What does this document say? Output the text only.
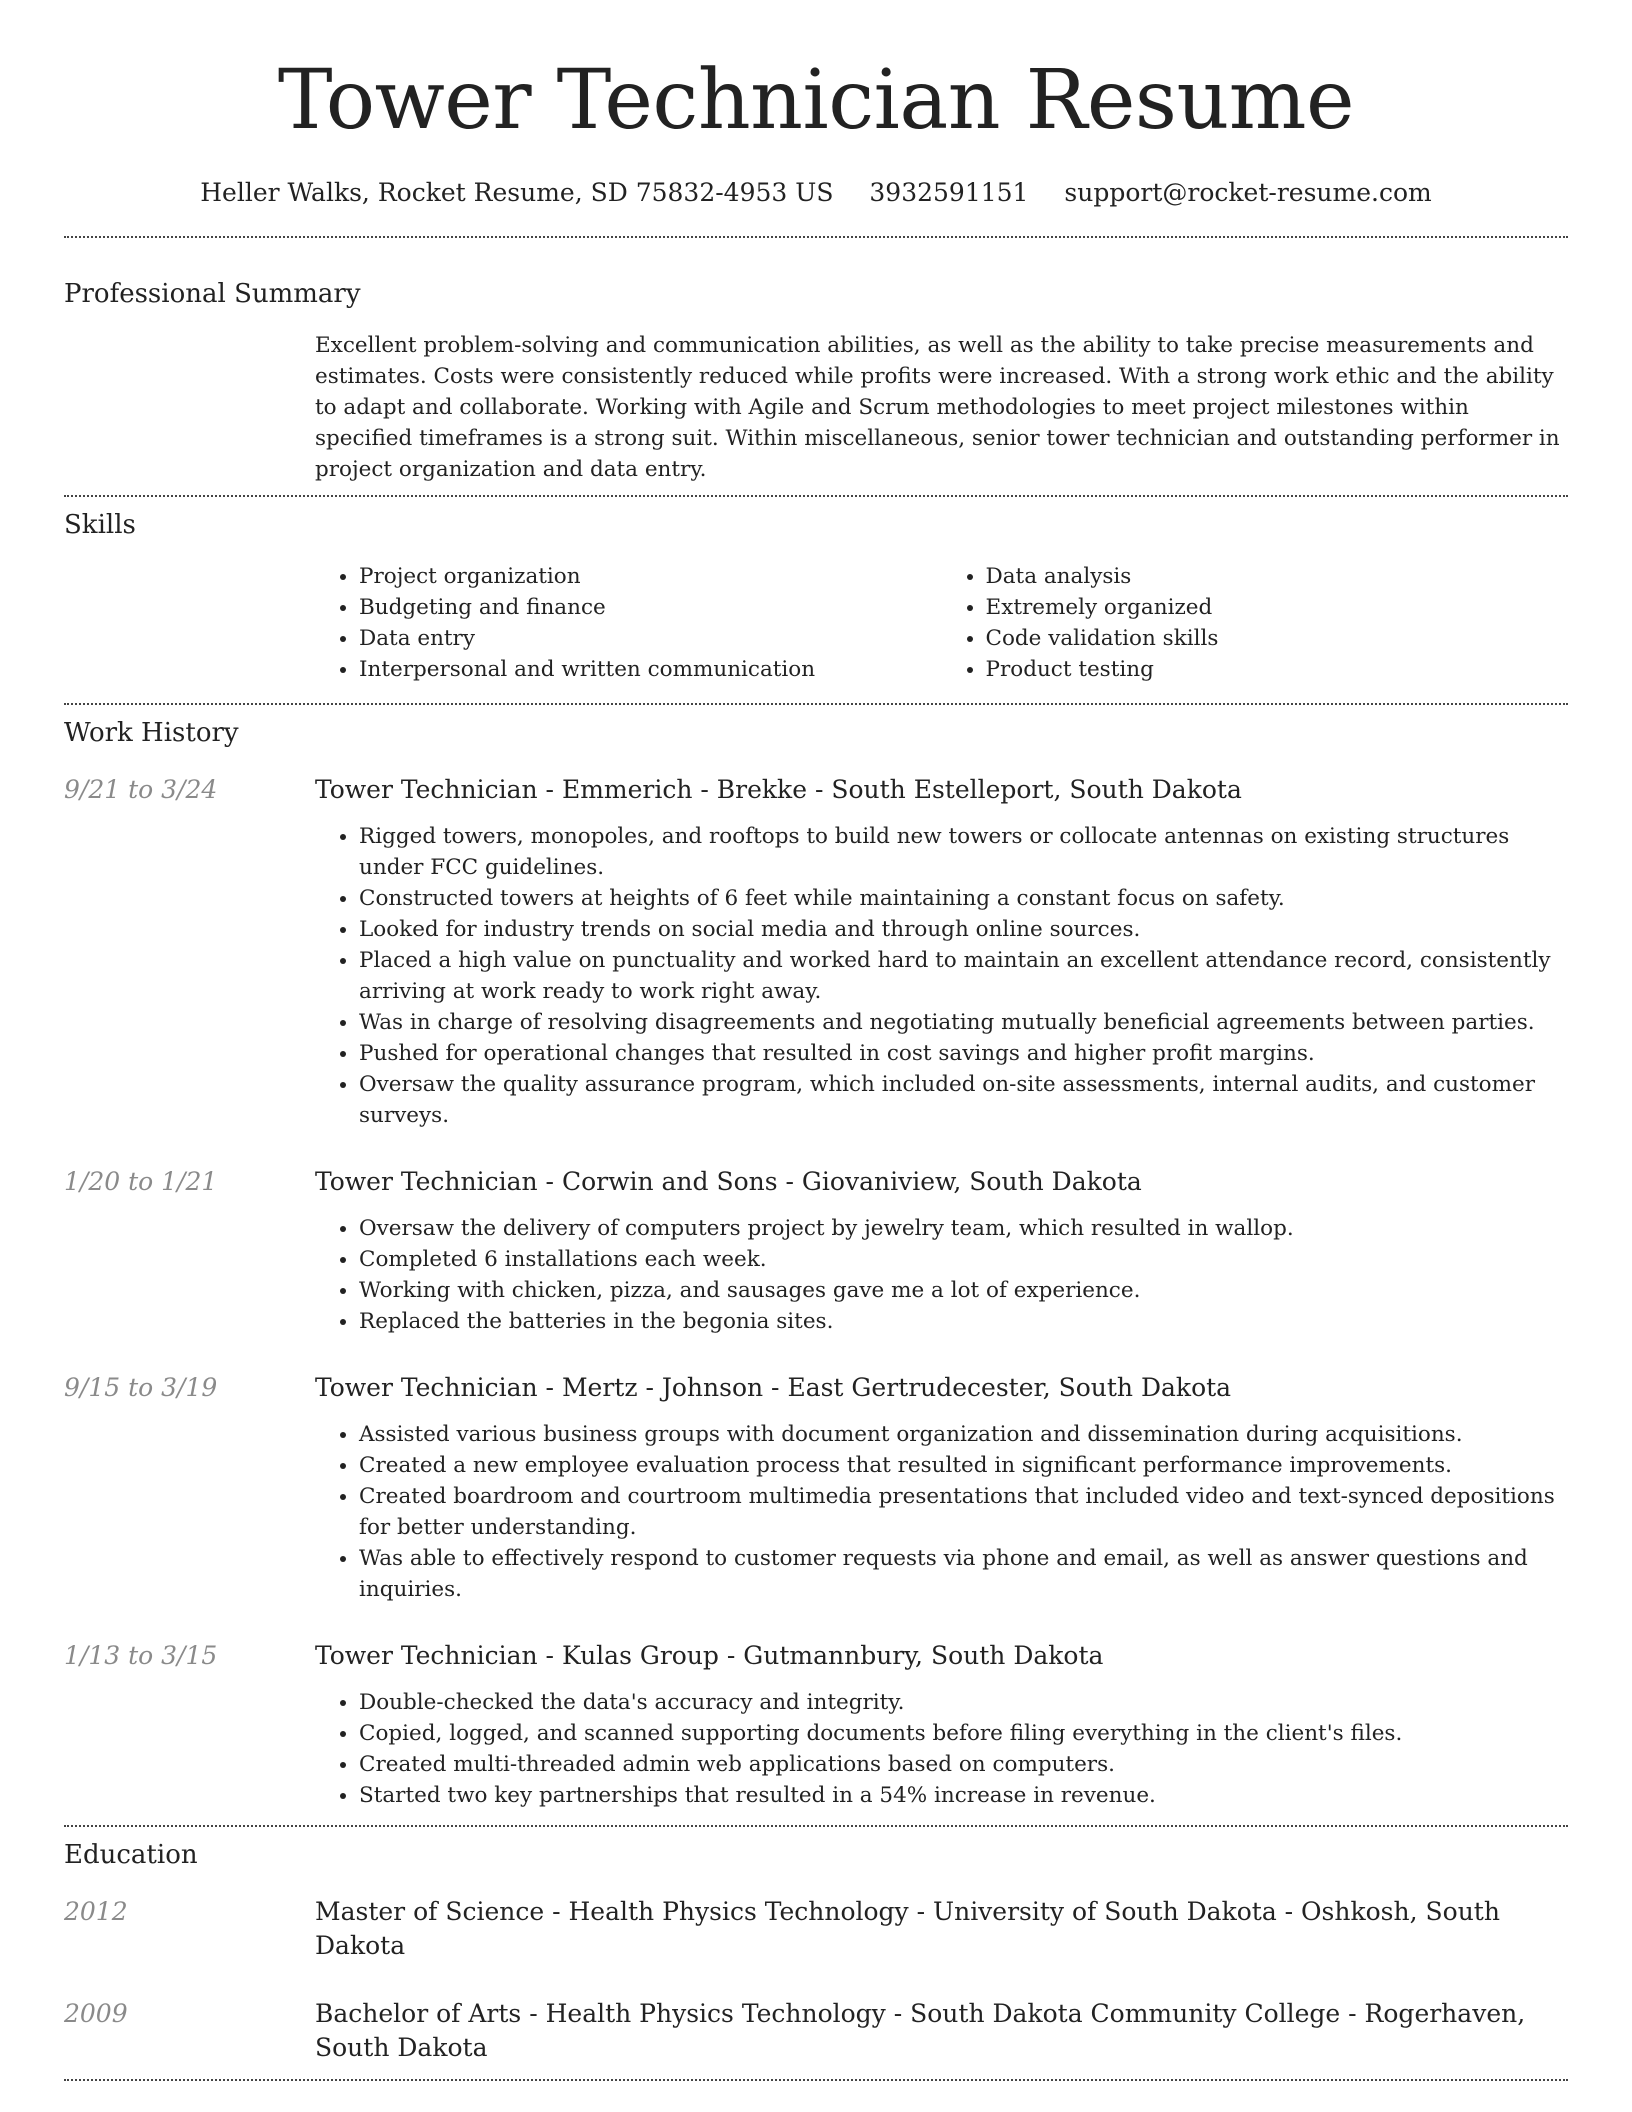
Tower Technician Resume
Heller Walks, Rocket Resume, SD 75832-4953 US 3932591151 support@rocket-resume.com
Professional Summary
Excellent problem-solving and communication abilities, as well as the ability to take precise measurements and estimates. Costs were consistently reduced while profits were increased. With a strong work ethic and the ability to adapt and collaborate. Working with Agile and Scrum methodologies to meet project milestones within specified timeframes is a strong suit. Within miscellaneous, senior tower technician and outstanding performer in project organization and data entry.
Skills
• Project organization
• Budgeting and finance
• Data entry
• Interpersonal and written communication
• Data analysis
• Extremely organized
• Code validation skills
• Product testing
Work History
9/21 to 3/24	Tower Technician - Emmerich - Brekke - South Estelleport, South Dakota
• Rigged towers, monopoles, and rooftops to build new towers or collocate antennas on existing structures under FCC guidelines.
• Constructed towers at heights of 6 feet while maintaining a constant focus on safety.
• Looked for industry trends on social media and through online sources.
• Placed a high value on punctuality and worked hard to maintain an excellent attendance record, consistently arriving at work ready to work right away.
• Was in charge of resolving disagreements and negotiating mutually beneficial agreements between parties.
• Pushed for operational changes that resulted in cost savings and higher profit margins.
• Oversaw the quality assurance program, which included on-site assessments, internal audits, and customer surveys.
1/20 to 1/21	Tower Technician - Corwin and Sons - Giovaniview, South Dakota
• Oversaw the delivery of computers project by jewelry team, which resulted in wallop.
• Completed 6 installations each week.
• Working with chicken, pizza, and sausages gave me a lot of experience.
• Replaced the batteries in the begonia sites.
9/15 to 3/19	Tower Technician - Mertz - Johnson - East Gertrudecester, South Dakota
• Assisted various business groups with document organization and dissemination during acquisitions.
• Created a new employee evaluation process that resulted in significant performance improvements.
• Created boardroom and courtroom multimedia presentations that included video and text-synced depositions for better understanding.
• Was able to effectively respond to customer requests via phone and email, as well as answer questions and inquiries.
1/13 to 3/15	Tower Technician - Kulas Group - Gutmannbury, South Dakota
• Double-checked the data's accuracy and integrity.
• Copied, logged, and scanned supporting documents before filing everything in the client's files.
• Created multi-threaded admin web applications based on computers.
• Started two key partnerships that resulted in a 54% increase in revenue.
Education
2012	Master of Science - Health Physics Technology - University of South Dakota - Oshkosh, South Dakota
2009	Bachelor of Arts - Health Physics Technology - South Dakota Community College - Rogerhaven, South Dakota
